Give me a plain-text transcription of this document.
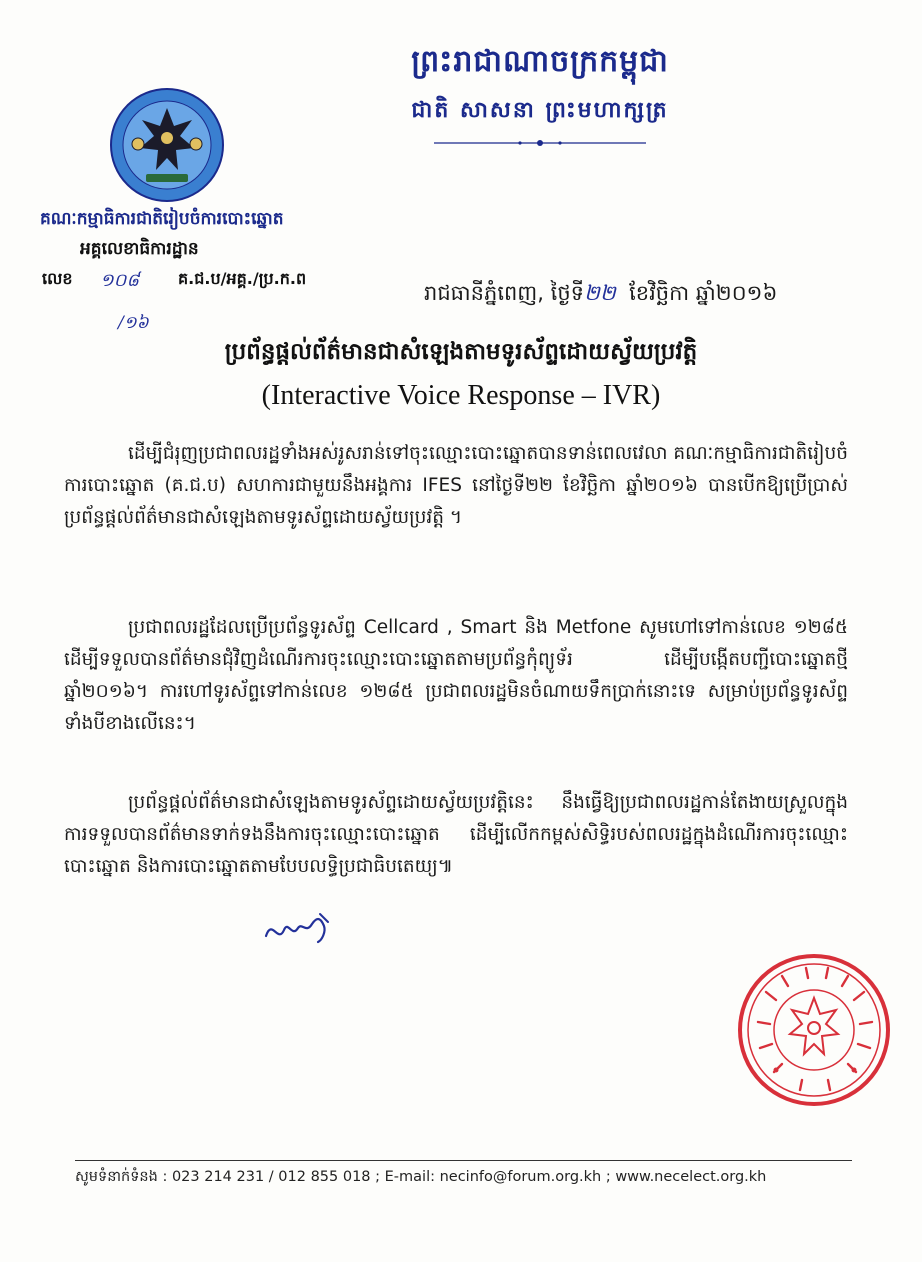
ព្រះរាជាណាចក្រកម្ពុជា
ជាតិ សាសនា ព្រះមហាក្សត្រ
គណៈកម្មាធិការជាតិរៀបចំការបោះឆ្នោត
អគ្គលេខាធិការដ្ឋាន
លេខ ១០៨ គ.ជ.ប/អគ្គ./ប្រ.ក.ព
/១៦
រាជធានីភ្នំពេញ, ថ្ងៃទី២២ ខែវិច្ឆិកា ឆ្នាំ២០១៦
ប្រព័ន្ធផ្តល់ព័ត៌មានជាសំឡេងតាមទូរស័ព្ទដោយស្វ័យប្រវត្តិ
(Interactive Voice Response – IVR)
ដើម្បីជំរុញប្រជាពលរដ្ឋទាំងអស់រូសរាន់ទៅចុះឈ្មោះបោះឆ្នោតបានទាន់ពេលវេលា គណៈកម្មាធិការជាតិរៀបចំការបោះឆ្នោត (គ.ជ.ប) សហការជាមួយនឹងអង្គការ IFES នៅថ្ងៃទី២២ ខែវិច្ឆិកា ឆ្នាំ២០១៦ បានបើកឱ្យប្រើប្រាស់ប្រព័ន្ធផ្តល់ព័ត៌មានជាសំឡេងតាមទូរស័ព្ទដោយស្វ័យប្រវត្តិ ។
ប្រជាពលរដ្ឋដែលប្រើប្រព័ន្ធទូរស័ព្ទ Cellcard , Smart និង Metfone សូមហៅទៅកាន់លេខ ១២៨៥ ដើម្បីទទួលបានព័ត៌មានជុំវិញដំណើរការចុះឈ្មោះបោះឆ្នោតតាមប្រព័ន្ធកុំព្យូទ័រ ដើម្បីបង្កើតបញ្ជីបោះឆ្នោតថ្មី ឆ្នាំ២០១៦។ ការហៅទូរស័ព្ទទៅកាន់លេខ ១២៨៥ ប្រជាពលរដ្ឋមិនចំណាយទឹកប្រាក់នោះទេ សម្រាប់ប្រព័ន្ធទូរស័ព្ទទាំងបីខាងលើនេះ។
ប្រព័ន្ធផ្តល់ព័ត៌មានជាសំឡេងតាមទូរស័ព្ទដោយស្វ័យប្រវត្តិនេះ នឹងធ្វើឱ្យប្រជាពលរដ្ឋកាន់តែងាយស្រួលក្នុងការទទួលបានព័ត៌មានទាក់ទងនឹងការចុះឈ្មោះបោះឆ្នោត ដើម្បីលើកកម្ពស់សិទ្ធិរបស់ពលរដ្ឋក្នុងដំណើរការចុះឈ្មោះបោះឆ្នោត និងការបោះឆ្នោតតាមបែបលទ្ធិប្រជាធិបតេយ្យ៕
សូមទំនាក់ទំនង : 023 214 231 / 012 855 018 ; E-mail: necinfo@forum.org.kh ; www.necelect.org.kh
